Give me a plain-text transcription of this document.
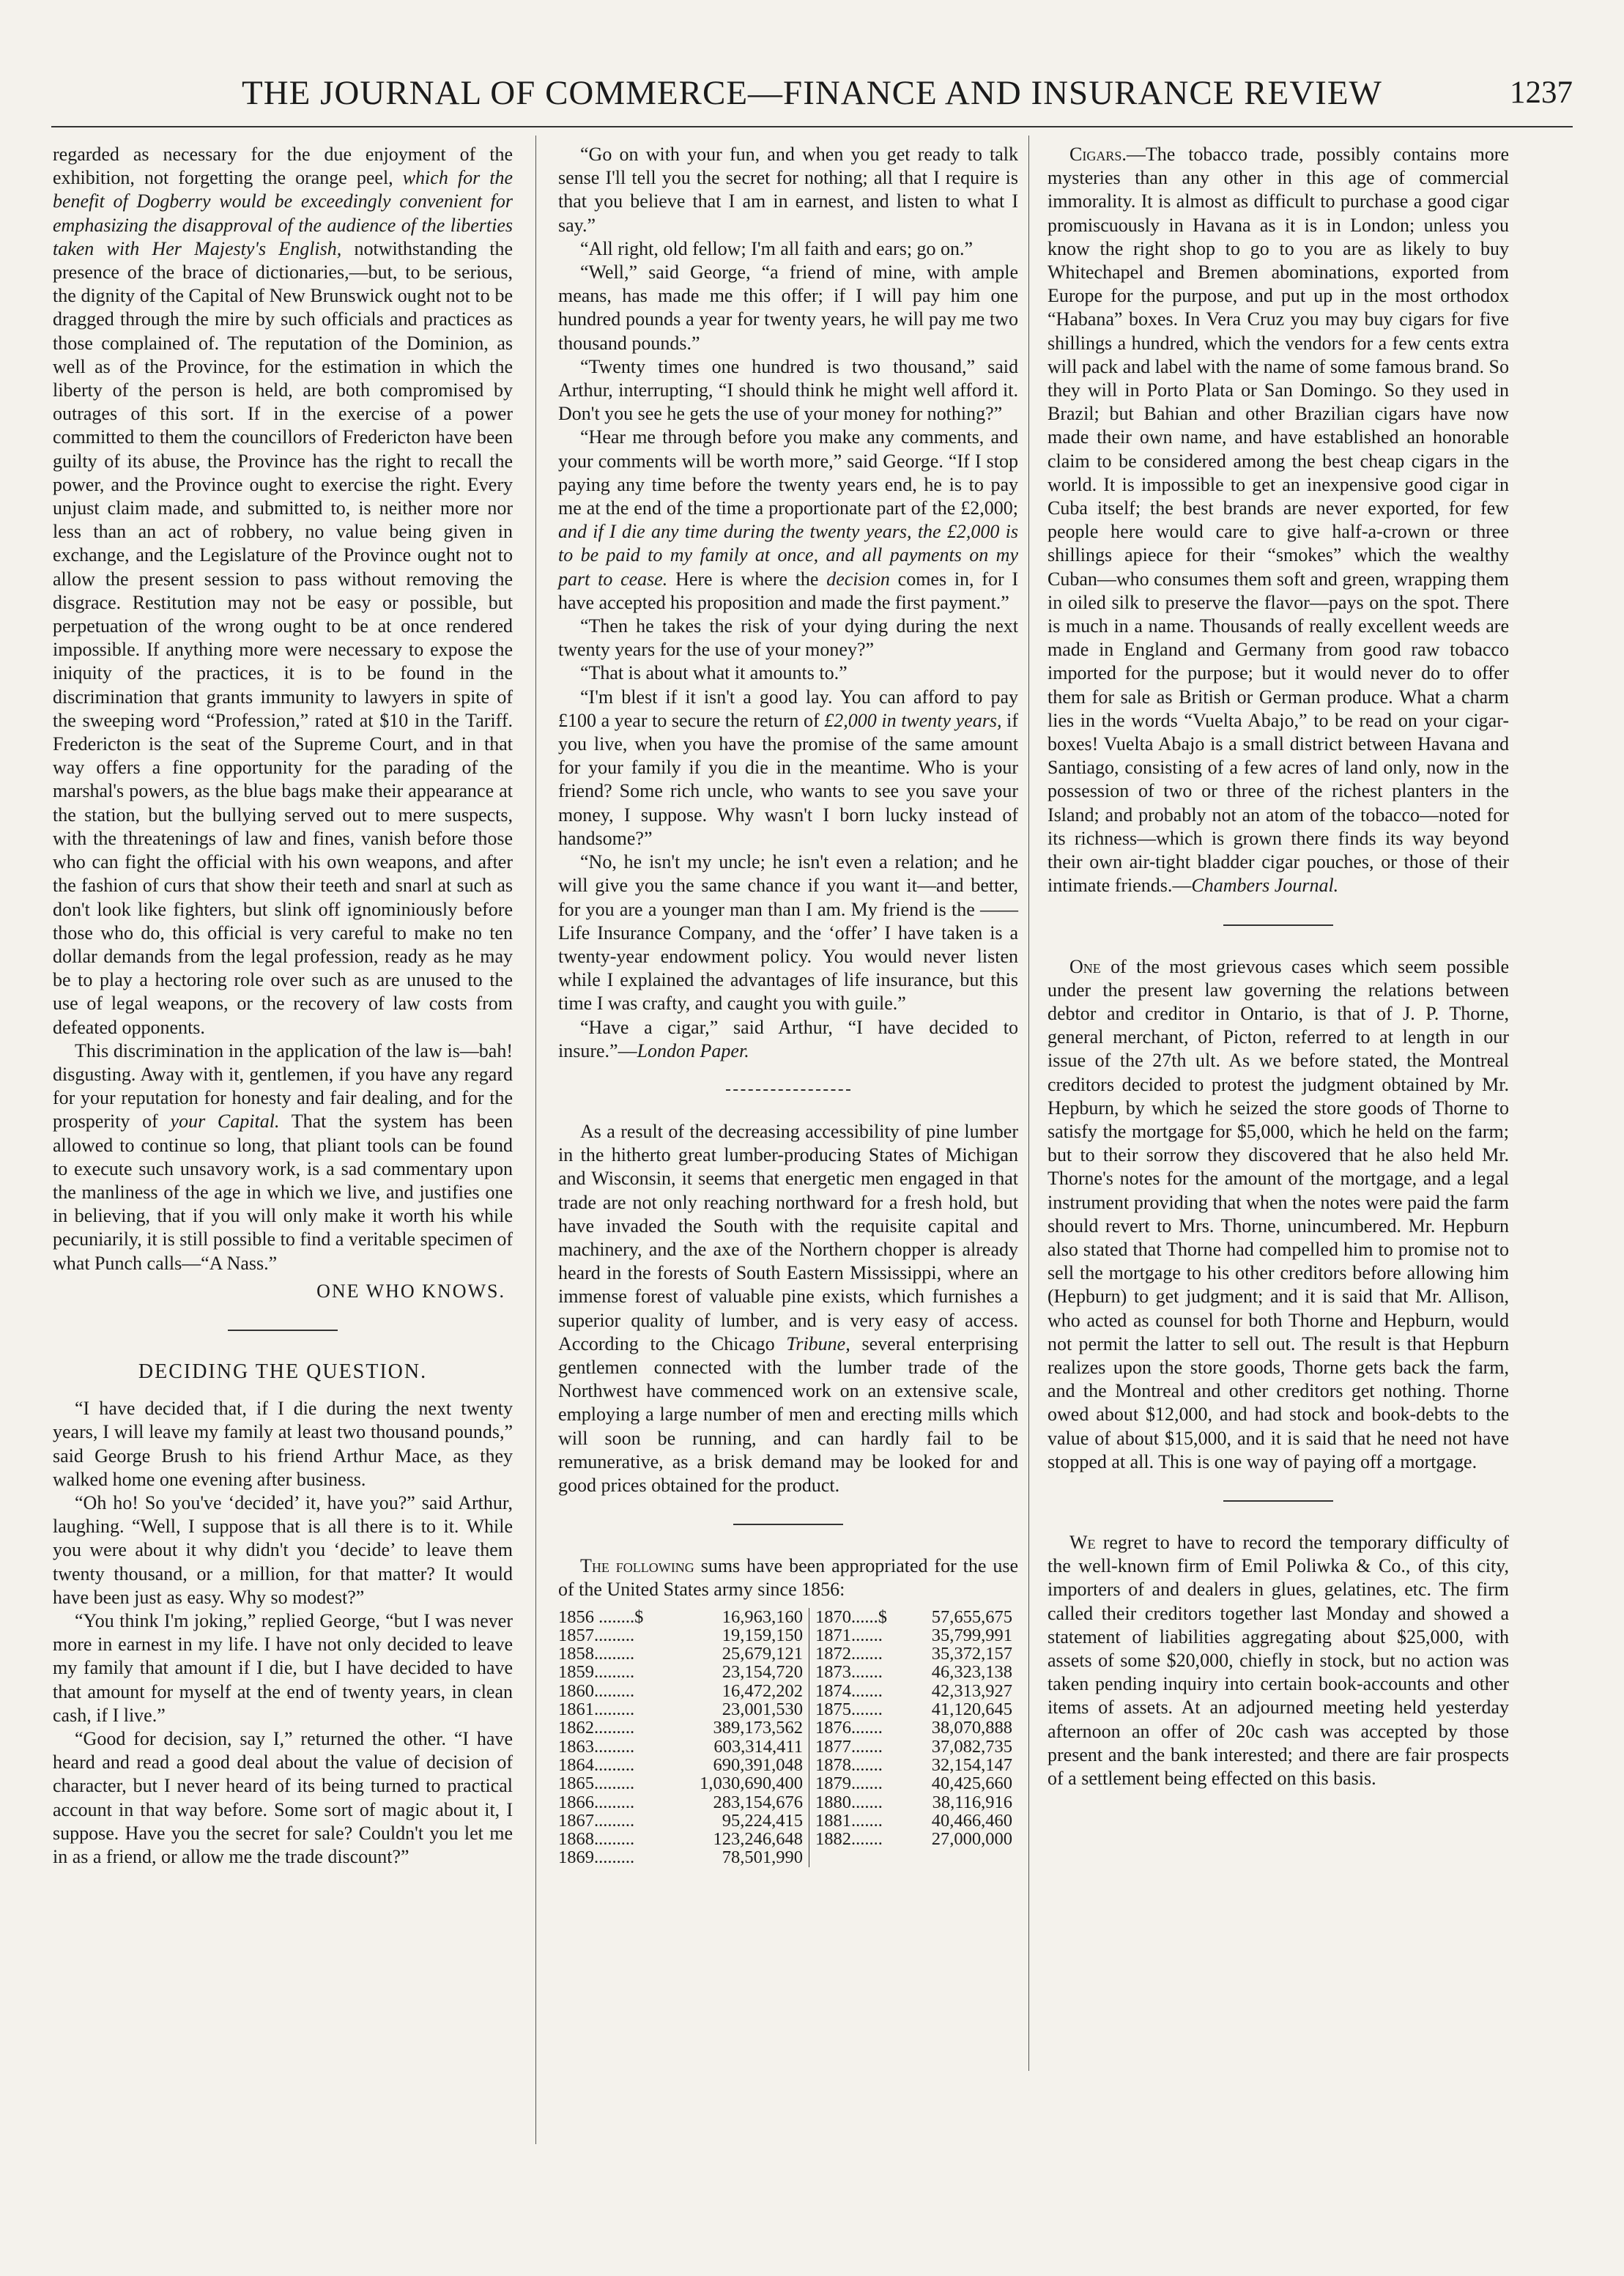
THE JOURNAL OF COMMERCE—FINANCE AND INSURANCE REVIEW	1237

regarded as necessary for the due enjoyment of the exhibition, not forgetting the orange peel, which for the benefit of Dogberry would be exceedingly convenient for emphasizing the disapproval of the audience of the liberties taken with Her Majesty's English, notwithstanding the presence of the brace of dictionaries,—but, to be serious, the dignity of the Capital of New Brunswick ought not to be dragged through the mire by such officials and practices as those complained of. The reputation of the Dominion, as well as of the Province, for the estimation in which the liberty of the person is held, are both compromised by outrages of this sort. If in the exercise of a power committed to them the councillors of Fredericton have been guilty of its abuse, the Province has the right to recall the power, and the Province ought to exercise the right. Every unjust claim made, and submitted to, is neither more nor less than an act of robbery, no value being given in exchange, and the Legislature of the Province ought not to allow the present session to pass without removing the disgrace. Restitution may not be easy or possible, but perpetuation of the wrong ought to be at once rendered impossible. If anything more were necessary to expose the iniquity of the practices, it is to be found in the discrimination that grants immunity to lawyers in spite of the sweeping word “Profession,” rated at $10 in the Tariff. Fredericton is the seat of the Supreme Court, and in that way offers a fine opportunity for the parading of the marshal's powers, as the blue bags make their appearance at the station, but the bullying served out to mere suspects, with the threatenings of law and fines, vanish before those who can fight the official with his own weapons, and after the fashion of curs that show their teeth and snarl at such as don't look like fighters, but slink off ignominiously before those who do, this official is very careful to make no ten dollar demands from the legal profession, ready as he may be to play a hectoring role over such as are unused to the use of legal weapons, or the recovery of law costs from defeated opponents.

This discrimination in the application of the law is—bah! disgusting. Away with it, gentlemen, if you have any regard for your reputation for honesty and fair dealing, and for the prosperity of your Capital. That the system has been allowed to continue so long, that pliant tools can be found to execute such unsavory work, is a sad commentary upon the manliness of the age in which we live, and justifies one in believing, that if you will only make it worth his while pecuniarily, it is still possible to find a veritable specimen of what Punch calls—“A Nass.”

ONE WHO KNOWS.

DECIDING THE QUESTION.

“I have decided that, if I die during the next twenty years, I will leave my family at least two thousand pounds,” said George Brush to his friend Arthur Mace, as they walked home one evening after business.

“Oh ho! So you've ‘decided’ it, have you?” said Arthur, laughing. “Well, I suppose that is all there is to it. While you were about it why didn't you ‘decide’ to leave them twenty thousand, or a million, for that matter? It would have been just as easy. Why so modest?”

“You think I'm joking,” replied George, “but I was never more in earnest in my life. I have not only decided to leave my family that amount if I die, but I have decided to have that amount for myself at the end of twenty years, in clean cash, if I live.”

“Good for decision, say I,” returned the other. “I have heard and read a good deal about the value of decision of character, but I never heard of its being turned to practical account in that way before. Some sort of magic about it, I suppose. Have you the secret for sale? Couldn't you let me in as a friend, or allow me the trade discount?”

“Go on with your fun, and when you get ready to talk sense I'll tell you the secret for nothing; all that I require is that you believe that I am in earnest, and listen to what I say.”

“All right, old fellow; I'm all faith and ears; go on.”

“Well,” said George, “a friend of mine, with ample means, has made me this offer; if I will pay him one hundred pounds a year for twenty years, he will pay me two thousand pounds.”

“Twenty times one hundred is two thousand,” said Arthur, interrupting, “I should think he might well afford it. Don't you see he gets the use of your money for nothing?”

“Hear me through before you make any comments, and your comments will be worth more,” said George. “If I stop paying any time before the twenty years end, he is to pay me at the end of the time a proportionate part of the £2,000; and if I die any time during the twenty years, the £2,000 is to be paid to my family at once, and all payments on my part to cease. Here is where the decision comes in, for I have accepted his proposition and made the first payment.”

“Then he takes the risk of your dying during the next twenty years for the use of your money?”

“That is about what it amounts to.”

“I'm blest if it isn't a good lay. You can afford to pay £100 a year to secure the return of £2,000 in twenty years, if you live, when you have the promise of the same amount for your family if you die in the meantime. Who is your friend? Some rich uncle, who wants to see you save your money, I suppose. Why wasn't I born lucky instead of handsome?”

“No, he isn't my uncle; he isn't even a relation; and he will give you the same chance if you want it—and better, for you are a younger man than I am. My friend is the ——Life Insurance Company, and the ‘offer’ I have taken is a twenty-year endowment policy. You would never listen while I explained the advantages of life insurance, but this time I was crafty, and caught you with guile.”

“Have a cigar,” said Arthur, “I have decided to insure.”—London Paper.

As a result of the decreasing accessibility of pine lumber in the hitherto great lumber-producing States of Michigan and Wisconsin, it seems that energetic men engaged in that trade are not only reaching northward for a fresh hold, but have invaded the South with the requisite capital and machinery, and the axe of the Northern chopper is already heard in the forests of South Eastern Mississippi, where an immense forest of valuable pine exists, which furnishes a superior quality of lumber, and is very easy of access. According to the Chicago Tribune, several enterprising gentlemen connected with the lumber trade of the Northwest have commenced work on an extensive scale, employing a large number of men and erecting mills which will soon be running, and can hardly fail to be remunerative, as a brisk demand may be looked for and good prices obtained for the product.

The following sums have been appropriated for the use of the United States army since 1856:

1856 ........$	16,963,160	1870......$	57,655,675
1857.........	19,159,150	1871.......	35,799,991
1858.........	25,679,121	1872.......	35,372,157
1859.........	23,154,720	1873.......	46,323,138
1860.........	16,472,202	1874.......	42,313,927
1861.........	23,001,530	1875.......	41,120,645
1862.........	389,173,562	1876.......	38,070,888
1863.........	603,314,411	1877.......	37,082,735
1864.........	690,391,048	1878.......	32,154,147
1865.........	1,030,690,400	1879.......	40,425,660
1866.........	283,154,676	1880.......	38,116,916
1867.........	95,224,415	1881.......	40,466,460
1868.........	123,246,648	1882.......	27,000,000
1869.........	78,501,990		

Cigars.—The tobacco trade, possibly contains more mysteries than any other in this age of commercial immorality. It is almost as difficult to purchase a good cigar promiscuously in Havana as it is in London; unless you know the right shop to go to you are as likely to buy Whitechapel and Bremen abominations, exported from Europe for the purpose, and put up in the most orthodox “Habana” boxes. In Vera Cruz you may buy cigars for five shillings a hundred, which the vendors for a few cents extra will pack and label with the name of some famous brand. So they will in Porto Plata or San Domingo. So they used in Brazil; but Bahian and other Brazilian cigars have now made their own name, and have established an honorable claim to be considered among the best cheap cigars in the world. It is impossible to get an inexpensive good cigar in Cuba itself; the best brands are never exported, for few people here would care to give half-a-crown or three shillings apiece for their “smokes” which the wealthy Cuban—who consumes them soft and green, wrapping them in oiled silk to preserve the flavor—pays on the spot. There is much in a name. Thousands of really excellent weeds are made in England and Germany from good raw tobacco imported for the purpose; but it would never do to offer them for sale as British or German produce. What a charm lies in the words “Vuelta Abajo,” to be read on your cigar-boxes! Vuelta Abajo is a small district between Havana and Santiago, consisting of a few acres of land only, now in the possession of two or three of the richest planters in the Island; and probably not an atom of the tobacco—noted for its richness—which is grown there finds its way beyond their own air-tight bladder cigar pouches, or those of their intimate friends.—Chambers Journal.

One of the most grievous cases which seem possible under the present law governing the relations between debtor and creditor in Ontario, is that of J. P. Thorne, general merchant, of Picton, referred to at length in our issue of the 27th ult. As we before stated, the Montreal creditors decided to protest the judgment obtained by Mr. Hepburn, by which he seized the store goods of Thorne to satisfy the mortgage for $5,000, which he held on the farm; but to their sorrow they discovered that he also held Mr. Thorne's notes for the amount of the mortgage, and a legal instrument providing that when the notes were paid the farm should revert to Mrs. Thorne, unincumbered. Mr. Hepburn also stated that Thorne had compelled him to promise not to sell the mortgage to his other creditors before allowing him (Hepburn) to get judgment; and it is said that Mr. Allison, who acted as counsel for both Thorne and Hepburn, would not permit the latter to sell out. The result is that Hepburn realizes upon the store goods, Thorne gets back the farm, and the Montreal and other creditors get nothing. Thorne owed about $12,000, and had stock and book-debts to the value of about $15,000, and it is said that he need not have stopped at all. This is one way of paying off a mortgage.

We regret to have to record the temporary difficulty of the well-known firm of Emil Poliwka & Co., of this city, importers of and dealers in glues, gelatines, etc. The firm called their creditors together last Monday and showed a statement of liabilities aggregating about $25,000, with assets of some $20,000, chiefly in stock, but no action was taken pending inquiry into certain book-accounts and other items of assets. At an adjourned meeting held yesterday afternoon an offer of 20c cash was accepted by those present and the bank interested; and there are fair prospects of a settlement being effected on this basis.
